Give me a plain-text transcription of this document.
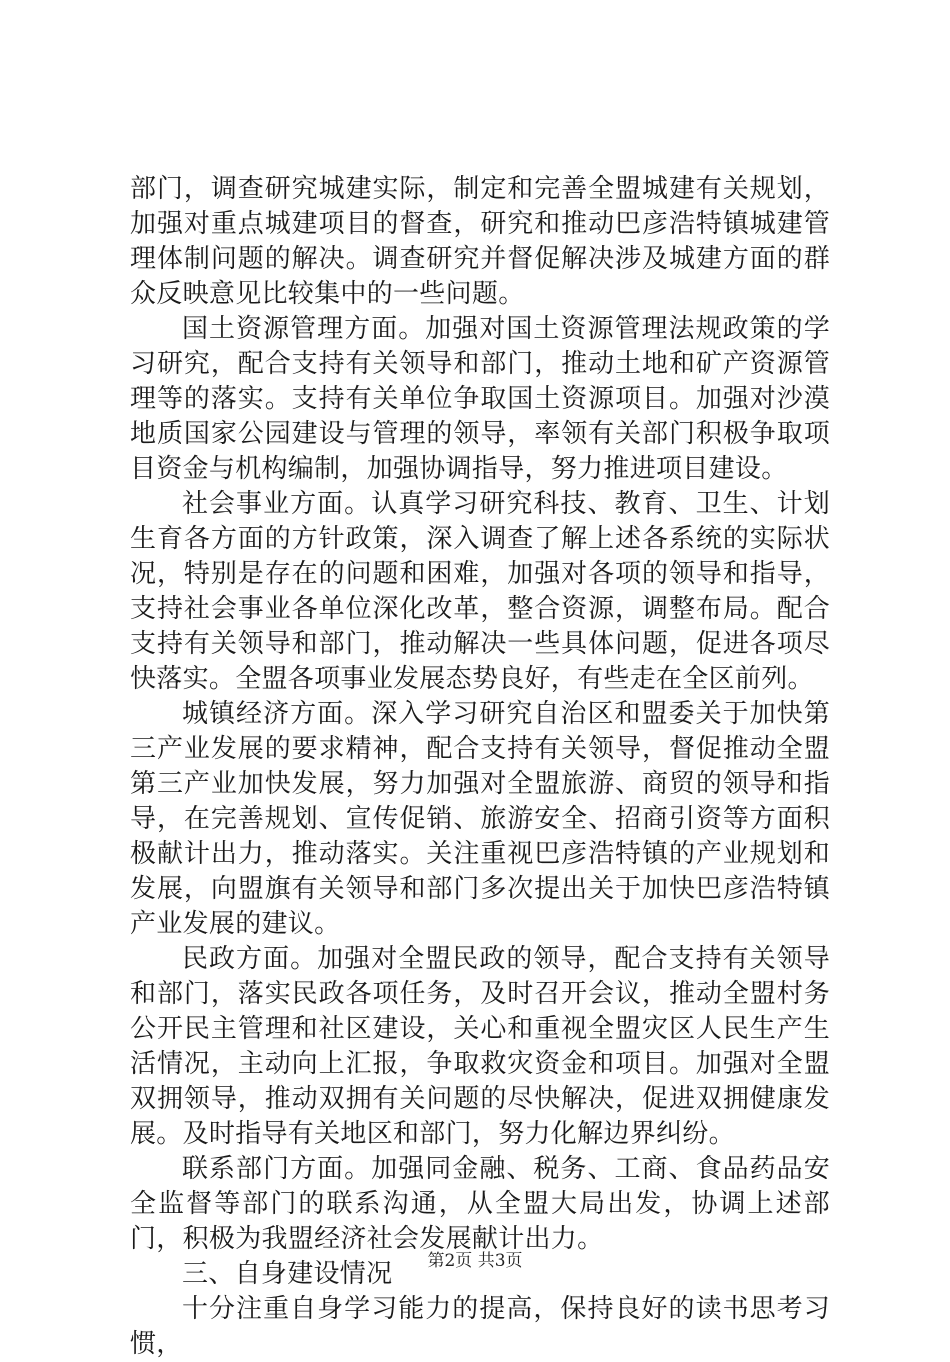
部门，调查研究城建实际，制定和完善全盟城建有关规划，加强对重点城建项目的督查，研究和推动巴彦浩特镇城建管理体制问题的解决。调查研究并督促解决涉及城建方面的群众反映意见比较集中的一些问题。

国土资源管理方面。加强对国土资源管理法规政策的学习研究，配合支持有关领导和部门，推动土地和矿产资源管理等的落实。支持有关单位争取国土资源项目。加强对沙漠地质国家公园建设与管理的领导，率领有关部门积极争取项目资金与机构编制，加强协调指导，努力推进项目建设。

社会事业方面。认真学习研究科技、教育、卫生、计划生育各方面的方针政策，深入调查了解上述各系统的实际状况，特别是存在的问题和困难，加强对各项的领导和指导，支持社会事业各单位深化改革，整合资源，调整布局。配合支持有关领导和部门，推动解决一些具体问题，促进各项尽快落实。全盟各项事业发展态势良好，有些走在全区前列。

城镇经济方面。深入学习研究自治区和盟委关于加快第三产业发展的要求精神，配合支持有关领导，督促推动全盟第三产业加快发展，努力加强对全盟旅游、商贸的领导和指导，在完善规划、宣传促销、旅游安全、招商引资等方面积极献计出力，推动落实。关注重视巴彦浩特镇的产业规划和发展，向盟旗有关领导和部门多次提出关于加快巴彦浩特镇产业发展的建议。

民政方面。加强对全盟民政的领导，配合支持有关领导和部门，落实民政各项任务，及时召开会议，推动全盟村务公开民主管理和社区建设，关心和重视全盟灾区人民生产生活情况，主动向上汇报，争取救灾资金和项目。加强对全盟双拥领导，推动双拥有关问题的尽快解决，促进双拥健康发展。及时指导有关地区和部门，努力化解边界纠纷。

联系部门方面。加强同金融、税务、工商、食品药品安全监督等部门的联系沟通，从全盟大局出发，协调上述部门，积极为我盟经济社会发展献计出力。

三、自身建设情况

十分注重自身学习能力的提高，保持良好的读书思考习惯，

第2页 共3页
